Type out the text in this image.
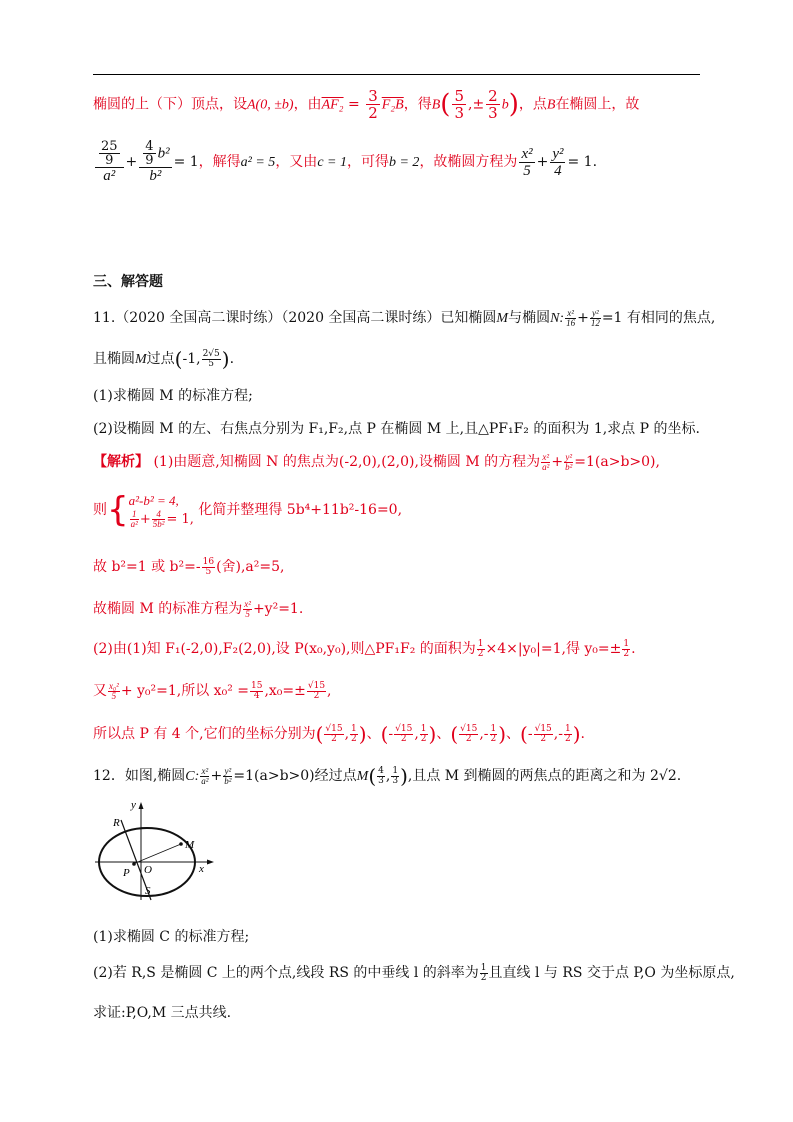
椭圆的上（下）顶点，设A(0, ±b)，由$AF_2 = \frac{3}{2} F_2B$，得$B( \frac{5}{3}$ ,± $\frac{2}{3} b$)，点B在椭圆上，故
$\frac{\frac{25}{9}}{\text{a²}} + \frac{\frac{4}{9} b^2}{\text{b²}} = 1$，解得a² = 5，又由c = 1，可得b = 2，故椭圆方程为 $\frac{\text{x²}}{5} + \frac{\text{y²}}{4} = 1$.
三、解答题
11.（2020 全国高二课时练）（2020 全国高二课时练）已知椭圆M与椭圆N: $\frac{\text{x²}}{16} + \frac{\text{y²}}{12} =1$ 有相同的焦点,
且椭圆M过点(-1, $\frac{2√5}{5}$ ).
(1)求椭圆 M 的标准方程;
(2)设椭圆 M 的左、右焦点分别为 F₁,F₂,点 P 在椭圆 M 上,且△PF₁F₂ 的面积为 1,求点 P 的坐标.
【解析】 (1)由题意,知椭圆 N 的焦点为(-2,0),(2,0),设椭圆 M 的方程为 $\frac{\text{x²}}{\text{a²}} + \frac{\text{y²}}{\text{b²}} =1(a>b>0)$,
则{ a²-b² = 4,
$\frac{1}{\text{a²}} + \frac{4}{\text{5b²}} = 1$,
化简并整理得 5b⁴+11b²-16=0,
故 b²=1 或 $b^2=- \frac{16}{5}$ (舍),a²=5,
故椭圆 M 的标准方程为 $\frac{\text{x²}}{5} +y^2=1$.
(2)由(1)知 F₁(-2,0),F₂(2,0),设 P(x₀,y₀),则△PF₁F₂ 的面积为 $\frac{1}{2} \times 4\times|y_0|=1$,得 $y_0=\pm \frac{1}{2}$ .
又 $\frac{\text{x₀²}}{5} + y_0^2=1$,所以 $x_0^2 = \frac{15}{4} ,x_0=\pm \frac{√15}{2}$ ,
所以点 P 有 4 个,它们的坐标分别为( $\frac{√15}{2}$ , $\frac{1}{2}$ )、(- $\frac{√15}{2}$ , $\frac{1}{2}$ )、( $\frac{√15}{2}$ ,- $\frac{1}{2}$ )、(- $\frac{√15}{2}$ ,- $\frac{1}{2}$ ).
12．如图,椭圆C: $\frac{\text{x²}}{\text{a²}} + \frac{\text{y²}}{\text{b²}} =1(a>b>0)$经过点$M( \frac{4}{3}$ , $\frac{1}{3}$ ),且点 M 到椭圆的两焦点的距离之和为 2√2.
y
R
M
O
P
S
x
(1)求椭圆 C 的标准方程;
(2)若 R,S 是椭圆 C 上的两个点,线段 RS 的中垂线 l 的斜率为 $\frac{1}{2}$ 且直线 l 与 RS 交于点 P,O 为坐标原点,
求证:P,O,M 三点共线.
